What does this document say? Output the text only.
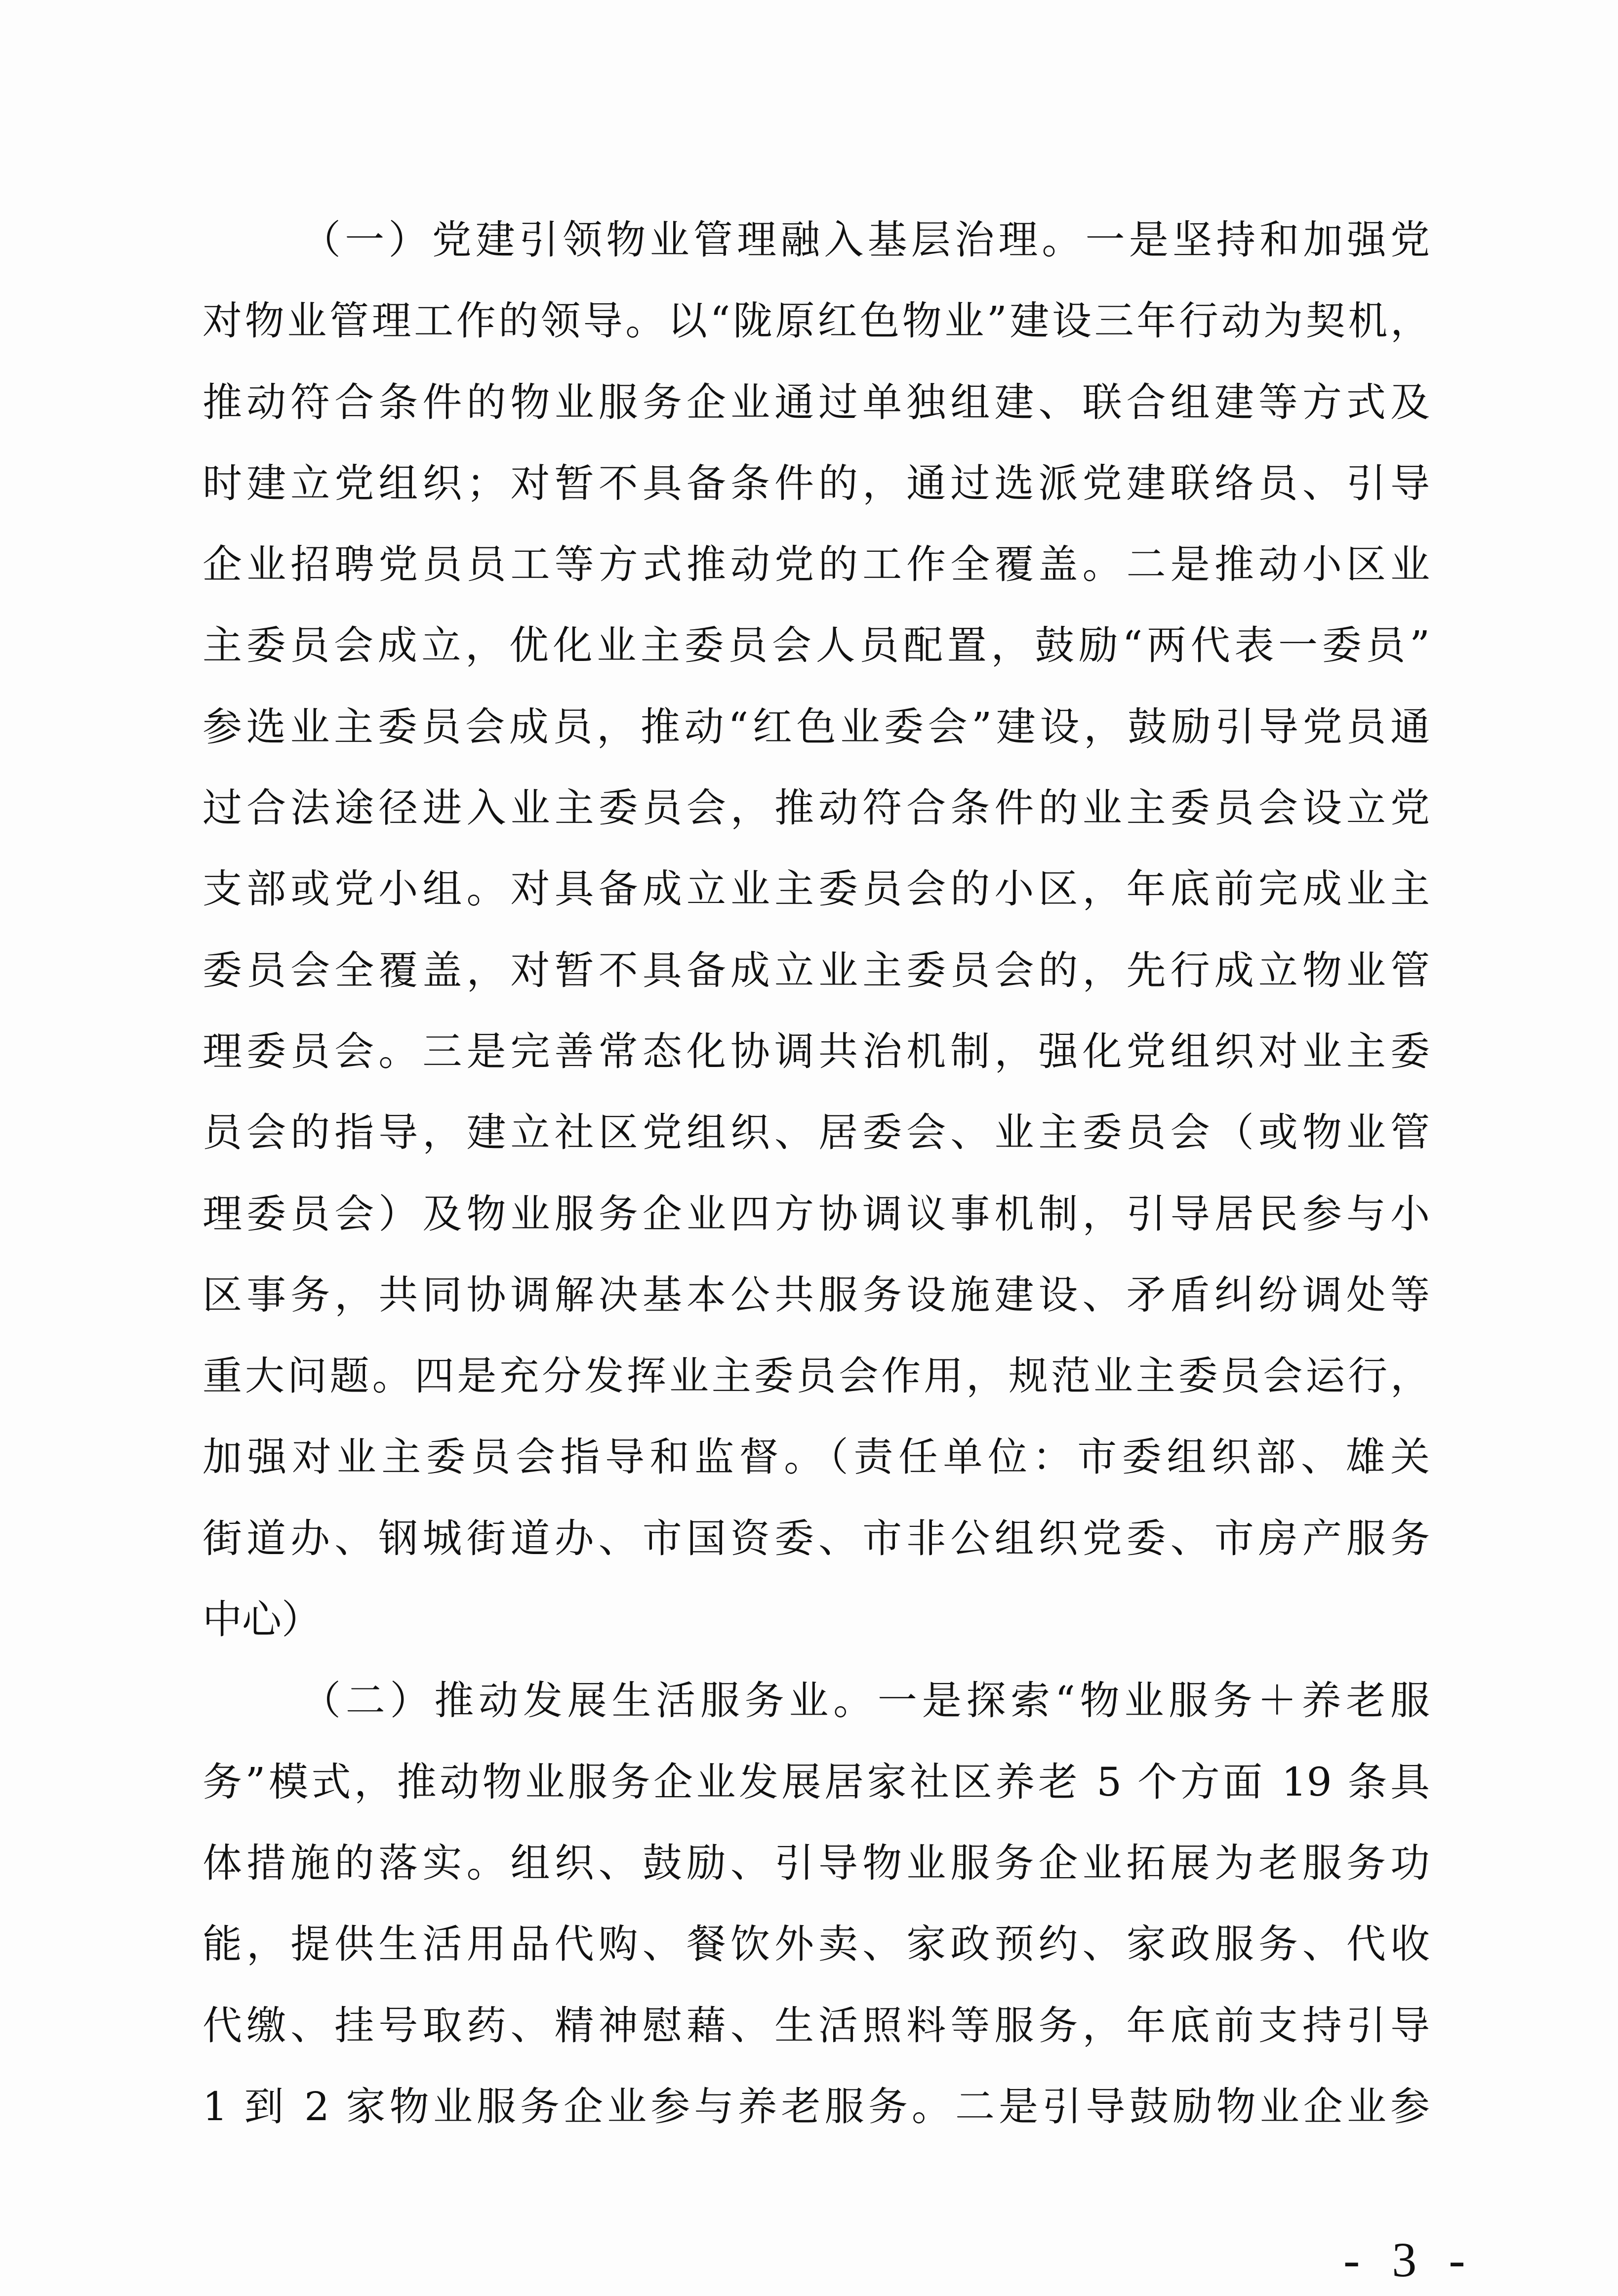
（一）党建引领物业管理融入基层治理。一是坚持和加强党
对物业管理工作的领导。以“陇原红色物业”建设三年行动为契机，
推动符合条件的物业服务企业通过单独组建、联合组建等方式及
时建立党组织；对暂不具备条件的，通过选派党建联络员、引导
企业招聘党员员工等方式推动党的工作全覆盖。二是推动小区业
主委员会成立，优化业主委员会人员配置，鼓励“两代表一委员”
参选业主委员会成员，推动“红色业委会”建设，鼓励引导党员通
过合法途径进入业主委员会，推动符合条件的业主委员会设立党
支部或党小组。对具备成立业主委员会的小区，年底前完成业主
委员会全覆盖，对暂不具备成立业主委员会的，先行成立物业管
理委员会。三是完善常态化协调共治机制，强化党组织对业主委
员会的指导，建立社区党组织、居委会、业主委员会（或物业管
理委员会）及物业服务企业四方协调议事机制，引导居民参与小
区事务，共同协调解决基本公共服务设施建设、矛盾纠纷调处等
重大问题。四是充分发挥业主委员会作用，规范业主委员会运行，
加强对业主委员会指导和监督。（责任单位：市委组织部、雄关
街道办、钢城街道办、市国资委、市非公组织党委、市房产服务
中心）
（二）推动发展生活服务业。一是探索“物业服务＋养老服
务”模式，推动物业服务企业发展居家社区养老 5 个方面 19 条具
体措施的落实。组织、鼓励、引导物业服务企业拓展为老服务功
能，提供生活用品代购、餐饮外卖、家政预约、家政服务、代收
代缴、挂号取药、精神慰藉、生活照料等服务，年底前支持引导
1 到 2 家物业服务企业参与养老服务。二是引导鼓励物业企业参
- 3 -
